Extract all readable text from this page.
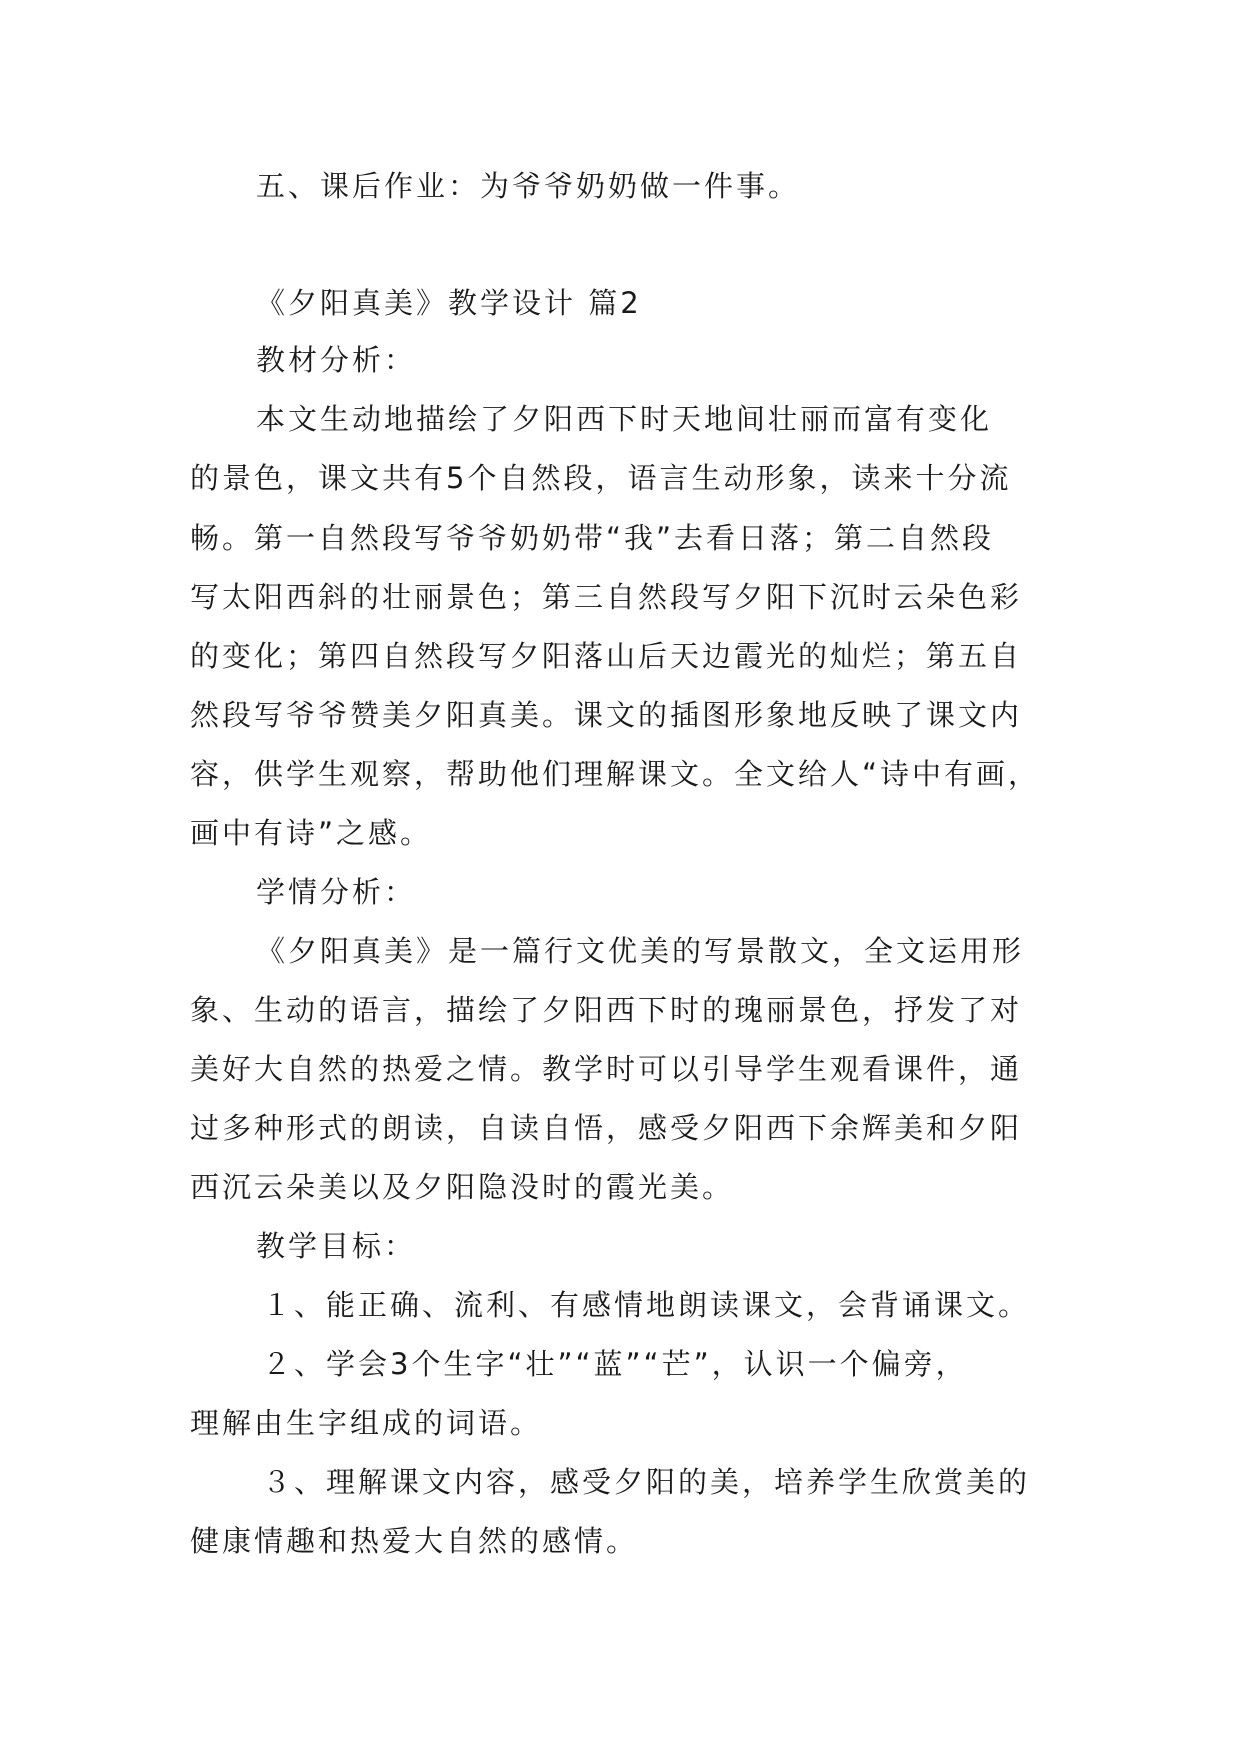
五、课后作业：为爷爷奶奶做一件事。
《夕阳真美》教学设计 篇2
教材分析：
本文生动地描绘了夕阳西下时天地间壮丽而富有变化
的景色，课文共有5个自然段，语言生动形象，读来十分流
畅。第一自然段写爷爷奶奶带“我”去看日落；第二自然段
写太阳西斜的壮丽景色；第三自然段写夕阳下沉时云朵色彩
的变化；第四自然段写夕阳落山后天边霞光的灿烂；第五自
然段写爷爷赞美夕阳真美。课文的插图形象地反映了课文内
容，供学生观察，帮助他们理解课文。全文给人“诗中有画，
画中有诗”之感。
学情分析：
《夕阳真美》是一篇行文优美的写景散文，全文运用形
象、生动的语言，描绘了夕阳西下时的瑰丽景色，抒发了对
美好大自然的热爱之情。教学时可以引导学生观看课件，通
过多种形式的朗读，自读自悟，感受夕阳西下余辉美和夕阳
西沉云朵美以及夕阳隐没时的霞光美。
教学目标：
１、能正确、流利、有感情地朗读课文，会背诵课文。
２、学会3个生字“壮”“蓝”“芒”，认识一个偏旁，
理解由生字组成的词语。
３、理解课文内容，感受夕阳的美，培养学生欣赏美的
健康情趣和热爱大自然的感情。
